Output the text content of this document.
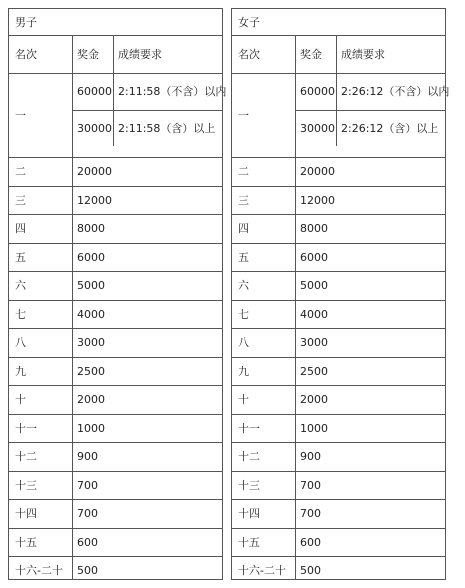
男子
名次	奖金 成绩要求
一
60000 2:11:58（不含）以内
30000 2:11:58（含）以上
二	20000
三	12000
四	8000
五	6000
六	5000
七	4000
八	3000
九	2500
十	2000
十一	1000
十二	900
十三	700
十四	700
十五	600
十六-二十 500
女子
名次	奖金 成绩要求
一
60000 2:26:12（不含）以内
30000 2:26:12（含）以上
二	20000
三	12000
四	8000
五	6000
六	5000
七	4000
八	3000
九	2500
十	2000
十一	1000
十二	900
十三	700
十四	700
十五	600
十六-二十 500
